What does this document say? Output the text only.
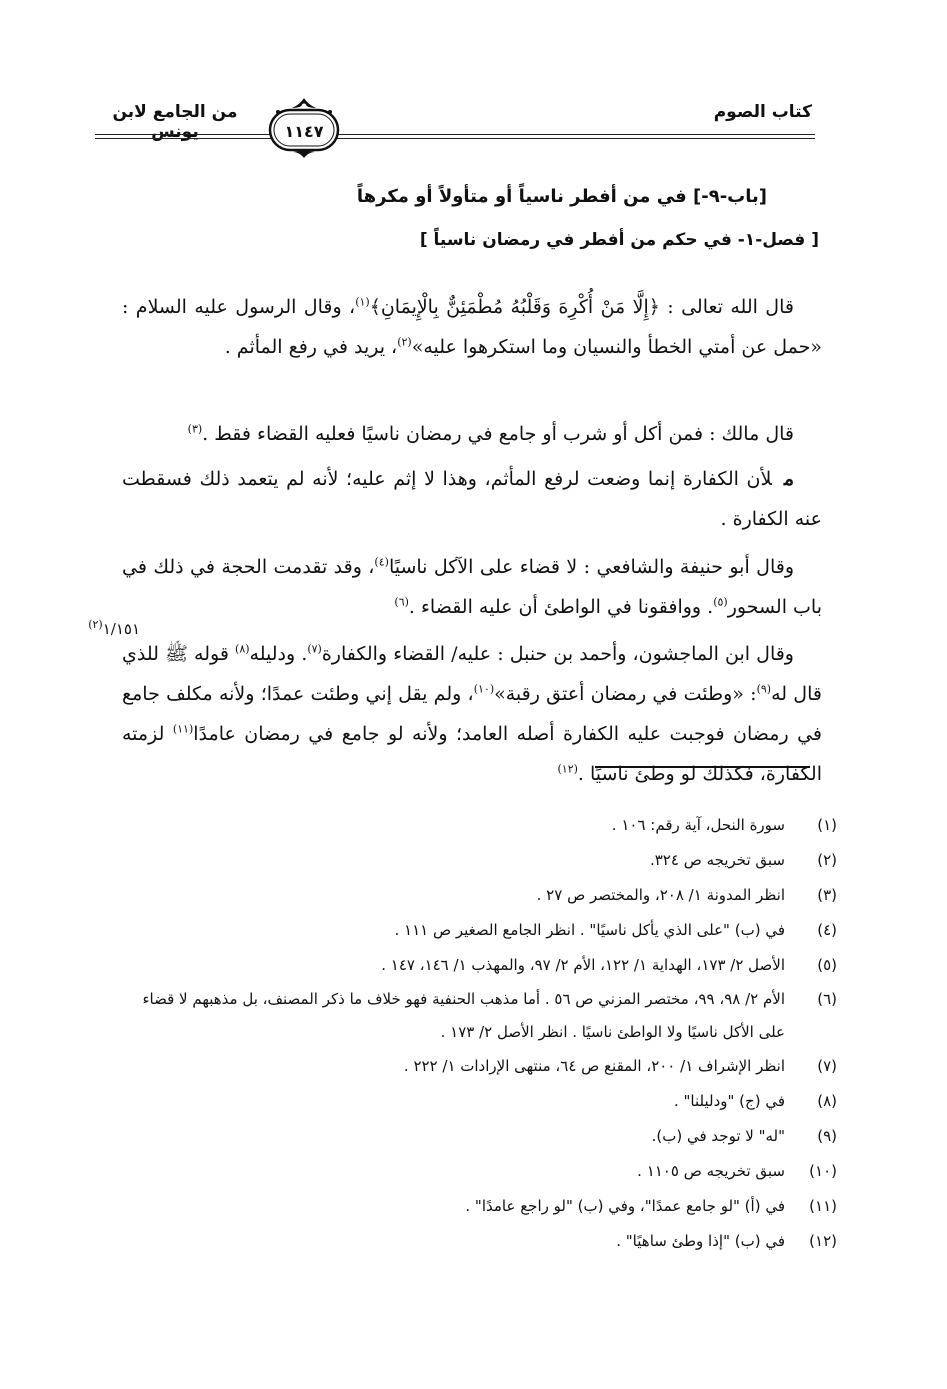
من الجامع لابن يونس
كتاب الصوم
١١٤٧
[باب-٩-] في من أفطر ناسياً أو متأولاً أو مكرهاً
[ فصل-١- في حكم من أفطر في رمضان ناسياً ]

قال الله تعالى : ﴿إِلَّا مَنْ أُكْرِهَ وَقَلْبُهُ مُطْمَئِنٌّ بِالْإِيمَانِ﴾$^{(١)}$، وقال الرسول عليه السلام : «حمل عن أمتي الخطأ والنسيان وما استكرهوا عليه»$^{(٢)}$، يريد في رفع المأثم .

قال مالك : فمن أكل أو شرب أو جامع في رمضان ناسيًا فعليه القضاء فقط .$^{(٣)}$

ملأن الكفارة إنما وضعت لرفع المأثم، وهذا لا إثم عليه؛ لأنه لم يتعمد ذلك فسقطت عنه الكفارة .

وقال أبو حنيفة والشافعي : لا قضاء على الآكل ناسيًا$^{(٤)}$، وقد تقدمت الحجة في ذلك في باب السحور$^{(٥)}$. ووافقونا في الواطئ أن عليه القضاء .$^{(٦)}$

١/١٥١$^{(٢)}$

وقال ابن الماجشون، وأحمد بن حنبل : عليه/ القضاء والكفارة$^{(٧)}$. ودليله$^{(٨)}$ قوله ﷺ للذي قال له$^{(٩)}$: «وطئت في رمضان أعتق رقبة»$^{(١٠)}$، ولم يقل إني وطئت عمدًا؛ ولأنه مكلف جامع في رمضان فوجبت عليه الكفارة أصله العامد؛ ولأنه لو جامع في رمضان عامدًا$^{(١١)}$ لزمته الكفارة، فكذلك لو وطئ ناسيًا .$^{(١٢)}$

(١)
سورة النحل، آية رقم: ١٠٦ .
(٢)
سبق تخريجه ص ٣٢٤.
(٣)
انظر المدونة ١/ ٢٠٨، والمختصر ص ٢٧ .
(٤)
في (ب) "على الذي يأكل ناسيًا" . انظر الجامع الصغير ص ١١١ .
(٥)
الأصل ٢/ ١٧٣، الهداية ١/ ١٢٢، الأم ٢/ ٩٧، والمهذب ١/ ١٤٦، ١٤٧ .
(٦)
الأم ٢/ ٩٨، ٩٩، مختصر المزني ص ٥٦ . أما مذهب الحنفية فهو خلاف ما ذكر المصنف، بل مذهبهم لا قضاء على الأكل ناسيًا ولا الواطئ ناسيًا . انظر الأصل ٢/ ١٧٣ .
(٧)
انظر الإشراف ١/ ٢٠٠، المقنع ص ٦٤، منتهى الإرادات ١/ ٢٢٢ .
(٨)
في (ج) "ودليلنا" .
(٩)
"له" لا توجد في (ب).
(١٠)
سبق تخريجه ص ١١٠٥ .
(١١)
في (أ) "لو جامع عمدًا"، وفي (ب) "لو راجع عامدًا" .
(١٢)
في (ب) "إذا وطئ ساهيًا" .
